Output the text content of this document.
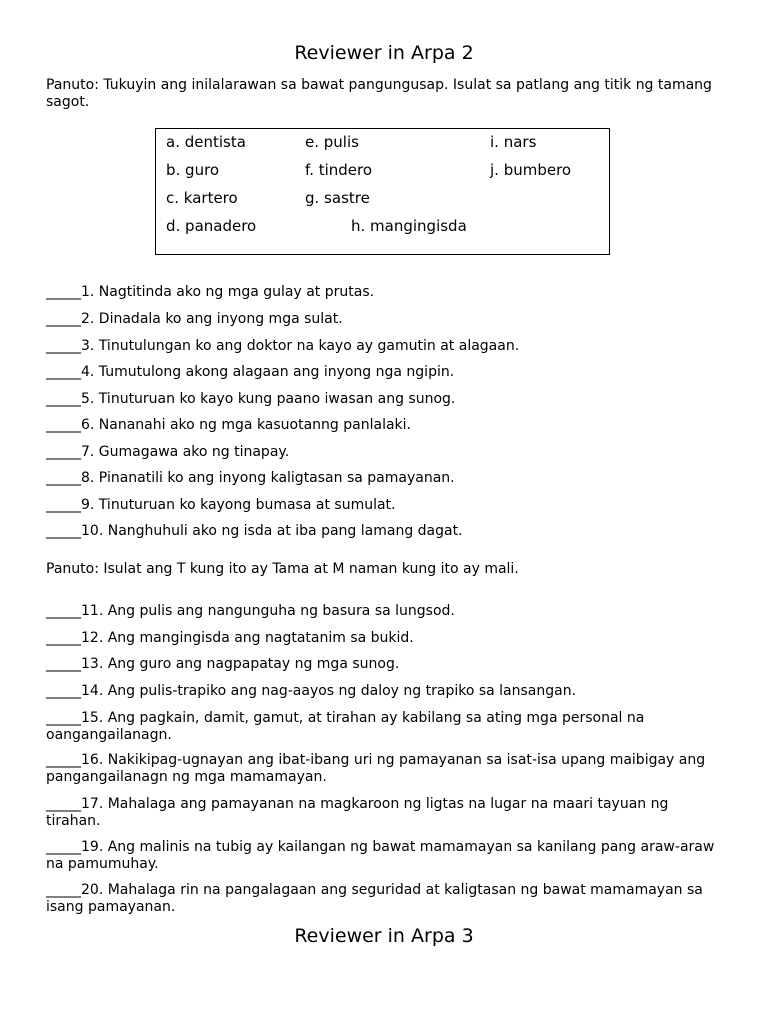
Reviewer in Arpa 2

Panuto: Tukuyin ang inilalarawan sa bawat pangungusap. Isulat sa patlang ang titik ng tamang sagot.

a. dentista	e. pulis	i. nars
b. guro	f. tindero	j. bumbero
c. kartero	g. sastre
d. panadero	h. mangingisda

_____1. Nagtitinda ako ng mga gulay at prutas.

_____2. Dinadala ko ang inyong mga sulat.

_____3. Tinutulungan ko ang doktor na kayo ay gamutin at alagaan.

_____4. Tumutulong akong alagaan ang inyong nga ngipin.

_____5. Tinuturuan ko kayo kung paano iwasan ang sunog.

_____6. Nananahi ako ng mga kasuotanng panlalaki.

_____7. Gumagawa ako ng tinapay.

_____8. Pinanatili ko ang inyong kaligtasan sa pamayanan.

_____9. Tinuturuan ko kayong bumasa at sumulat.

_____10. Nanghuhuli ako ng isda at iba pang lamang dagat.

Panuto: Isulat ang T kung ito ay Tama at M naman kung ito ay mali.

_____11. Ang pulis ang nangunguha ng basura sa lungsod.

_____12. Ang mangingisda ang nagtatanim sa bukid.

_____13. Ang guro ang nagpapatay ng mga sunog.

_____14. Ang pulis-trapiko ang nag-aayos ng daloy ng trapiko sa lansangan.

_____15. Ang pagkain, damit, gamut, at tirahan ay kabilang sa ating mga personal na oangangailanagn.

_____16. Nakikipag-ugnayan ang ibat-ibang uri ng pamayanan sa isat-isa upang maibigay ang pangangailanagn ng mga mamamayan.

_____17. Mahalaga ang pamayanan na magkaroon ng ligtas na lugar na maari tayuan ng tirahan.

_____19. Ang malinis na tubig ay kailangan ng bawat mamamayan sa kanilang pang araw-araw na pamumuhay.

_____20. Mahalaga rin na pangalagaan ang seguridad at kaligtasan ng bawat mamamayan sa isang pamayanan.

Reviewer in Arpa 3
